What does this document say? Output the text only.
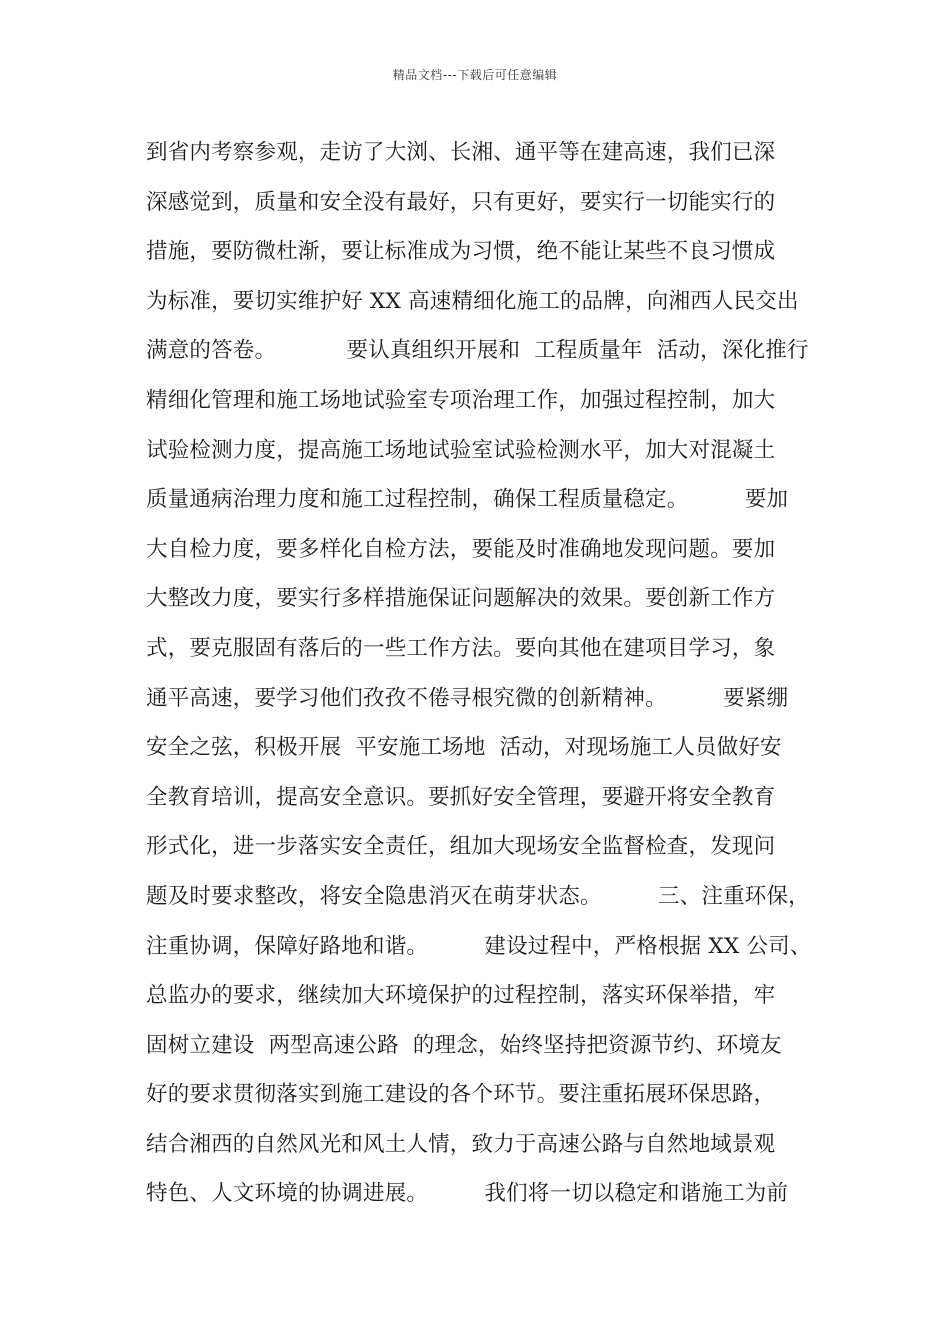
精品文档---下载后可任意编辑
到省内考察参观，走访了大浏、长湘、通平等在建高速，我们已深
深感觉到，质量和安全没有最好，只有更好，要实行一切能实行的
措施，要防微杜渐，要让标准成为习惯，绝不能让某些不良习惯成
为标准，要切实维护好 XX 高速精细化施工的品牌，向湘西人民交出
满意的答卷。          要认真组织开展和  工程质量年  活动，深化推行
精细化管理和施工场地试验室专项治理工作，加强过程控制，加大
试验检测力度，提高施工场地试验室试验检测水平，加大对混凝土
质量通病治理力度和施工过程控制，确保工程质量稳定。        要加
大自检力度，要多样化自检方法，要能及时准确地发现问题。要加
大整改力度，要实行多样措施保证问题解决的效果。要创新工作方
式，要克服固有落后的一些工作方法。要向其他在建项目学习，象
通平高速，要学习他们孜孜不倦寻根究微的创新精神。        要紧绷
安全之弦，积极开展  平安施工场地  活动，对现场施工人员做好安
全教育培训，提高安全意识。要抓好安全管理，要避开将安全教育
形式化，进一步落实安全责任，组加大现场安全监督检查，发现问
题及时要求整改，将安全隐患消灭在萌芽状态。        三、注重环保，
注重协调，保障好路地和谐。        建设过程中，严格根据 XX 公司、
总监办的要求，继续加大环境保护的过程控制，落实环保举措，牢
固树立建设  两型高速公路  的理念，始终坚持把资源节约、环境友
好的要求贯彻落实到施工建设的各个环节。要注重拓展环保思路，
结合湘西的自然风光和风土人情，致力于高速公路与自然地域景观
特色、人文环境的协调进展。        我们将一切以稳定和谐施工为前
